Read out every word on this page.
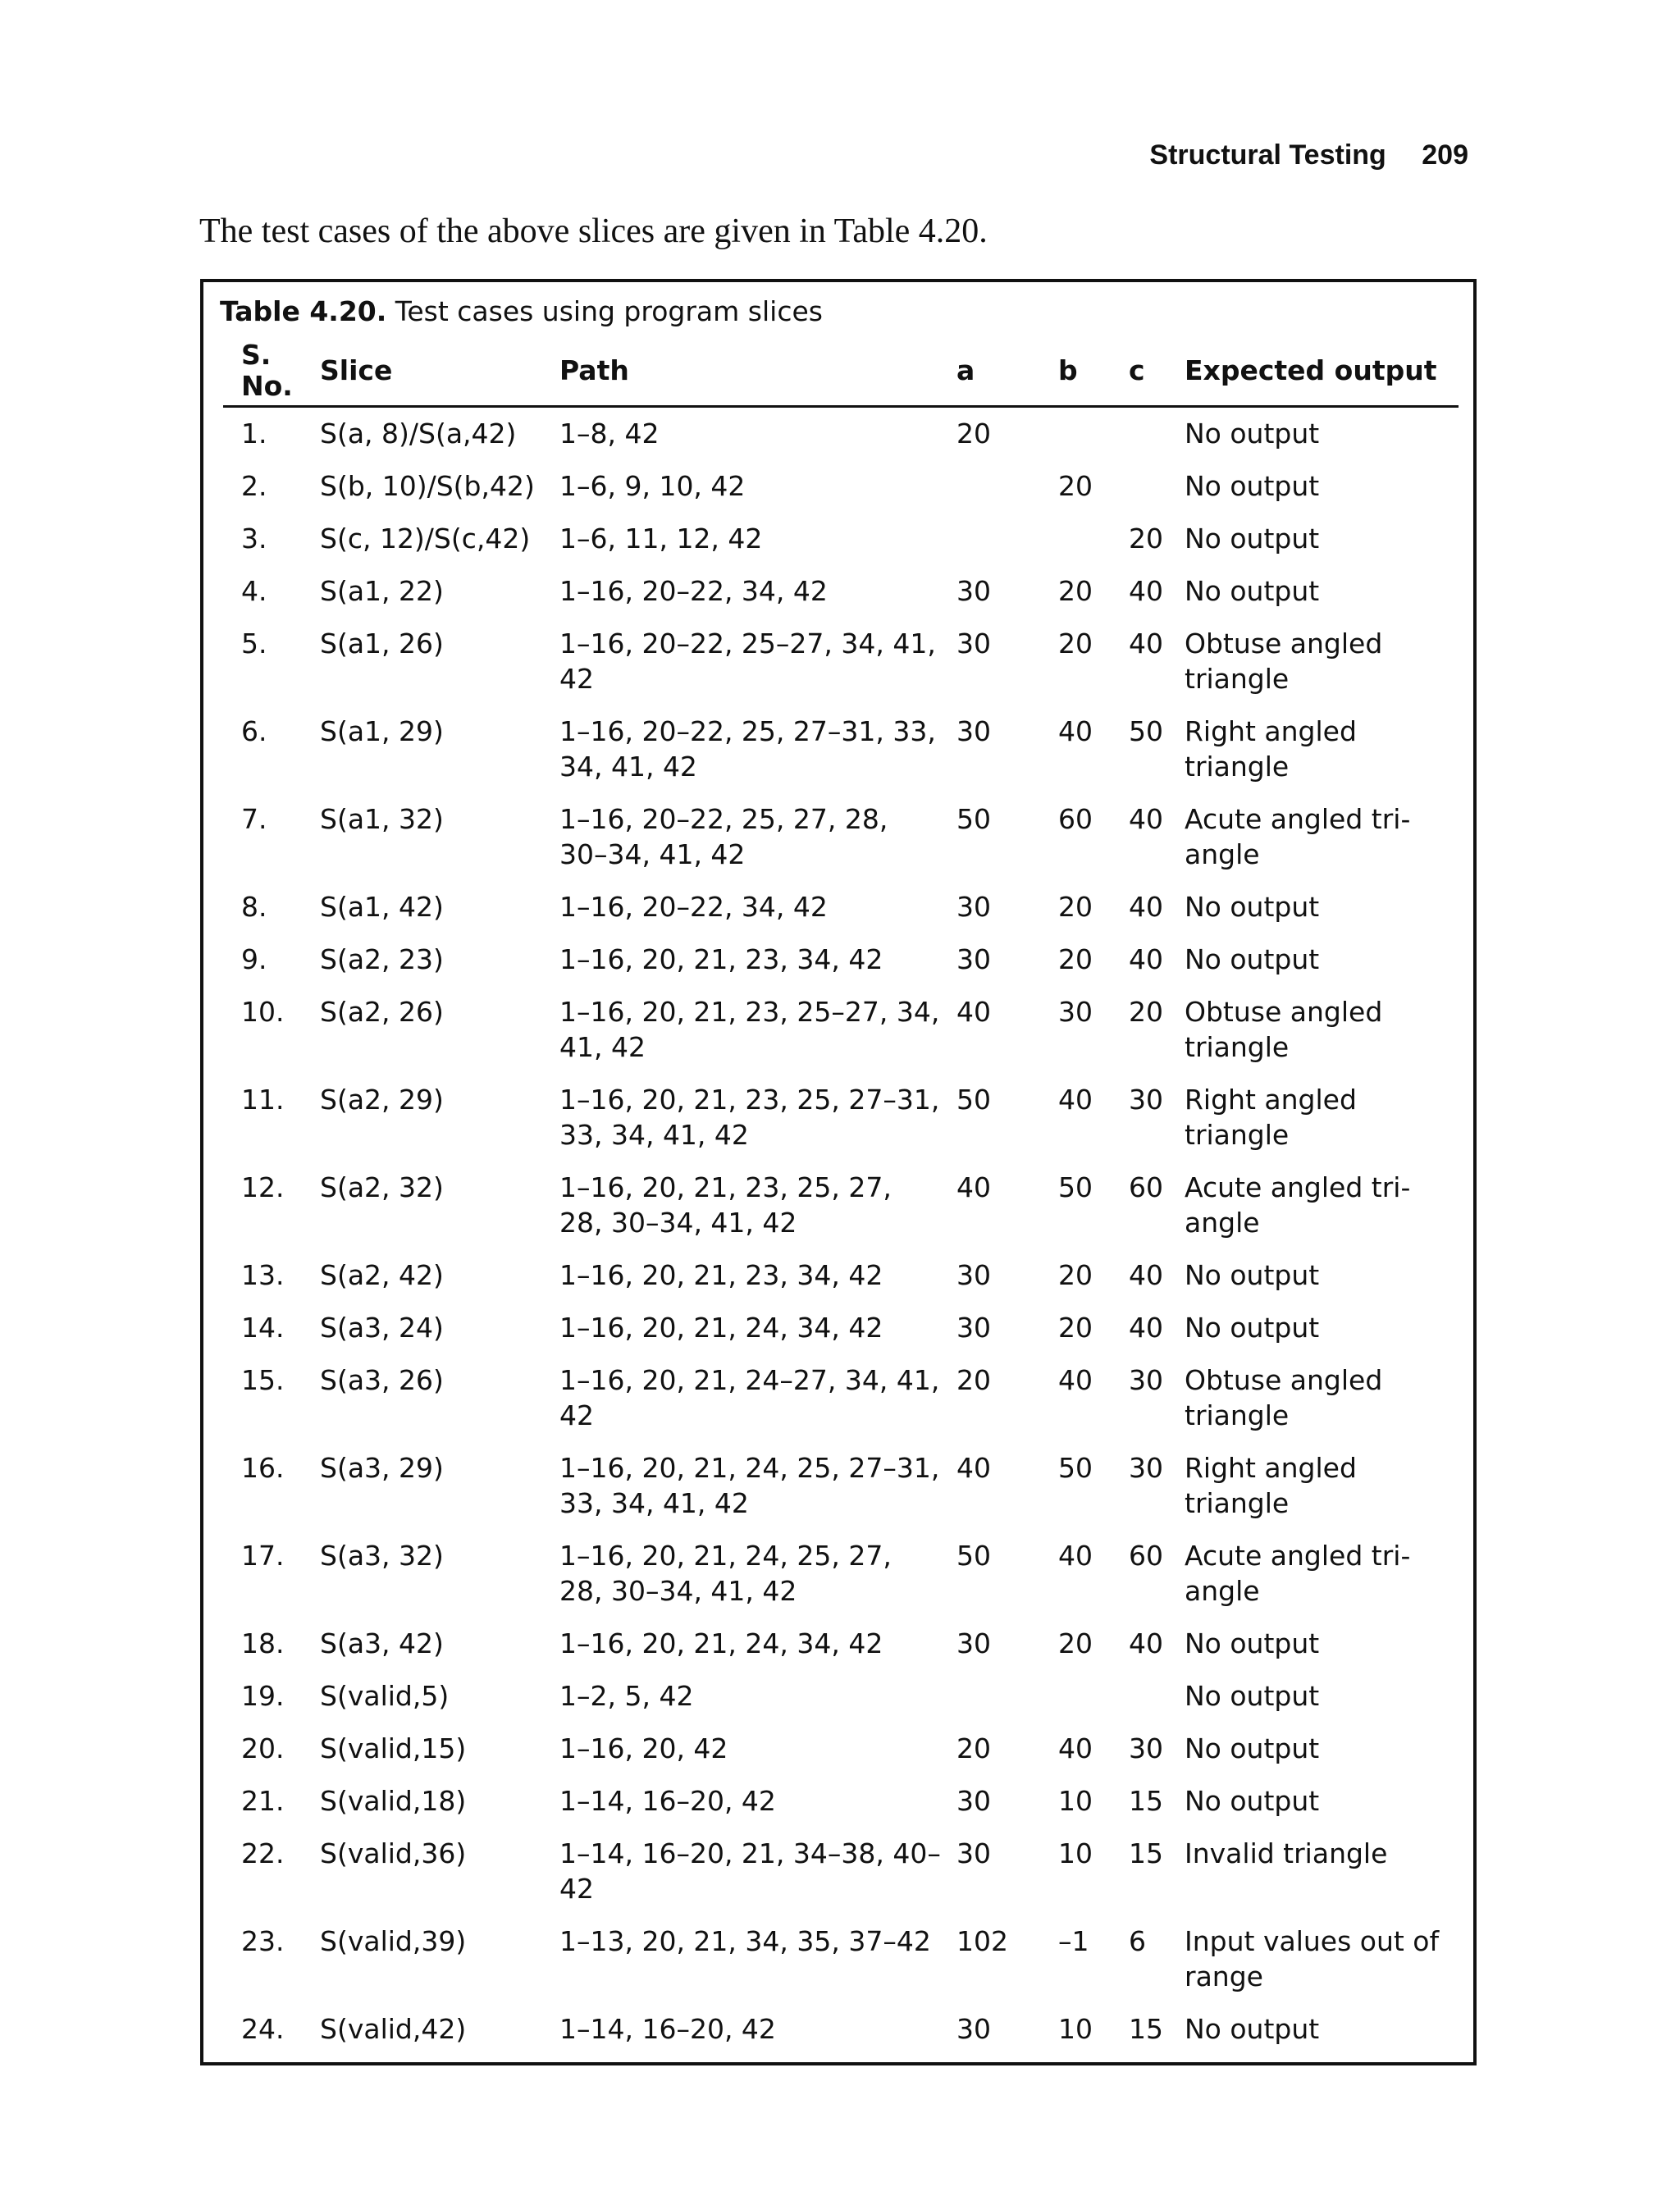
Structural Testing 209
The test cases of the above slices are given in Table 4.20.
Table 4.20. Test cases using program slices
S. No.	Slice	Path	a	b	c	Expected output
1.	S(a, 8)/S(a,42)	1–8, 42	20			No output
2.	S(b, 10)/S(b,42)	1–6, 9, 10, 42		20		No output
3.	S(c, 12)/S(c,42)	1–6, 11, 12, 42			20	No output
4.	S(a1, 22)	1–16, 20–22, 34, 42	30	20	40	No output
5.	S(a1, 26)	1–16, 20–22, 25–27, 34, 41, 42	30	20	40	Obtuse angled triangle
6.	S(a1, 29)	1–16, 20–22, 25, 27–31, 33, 34, 41, 42	30	40	50	Right angled triangle
7.	S(a1, 32)	1–16, 20–22, 25, 27, 28, 30–34, 41, 42	50	60	40	Acute angled tri-angle
8.	S(a1, 42)	1–16, 20–22, 34, 42	30	20	40	No output
9.	S(a2, 23)	1–16, 20, 21, 23, 34, 42	30	20	40	No output
10.	S(a2, 26)	1–16, 20, 21, 23, 25–27, 34, 41, 42	40	30	20	Obtuse angled triangle
11.	S(a2, 29)	1–16, 20, 21, 23, 25, 27–31, 33, 34, 41, 42	50	40	30	Right angled triangle
12.	S(a2, 32)	1–16, 20, 21, 23, 25, 27, 28, 30–34, 41, 42	40	50	60	Acute angled tri-angle
13.	S(a2, 42)	1–16, 20, 21, 23, 34, 42	30	20	40	No output
14.	S(a3, 24)	1–16, 20, 21, 24, 34, 42	30	20	40	No output
15.	S(a3, 26)	1–16, 20, 21, 24–27, 34, 41, 42	20	40	30	Obtuse angled triangle
16.	S(a3, 29)	1–16, 20, 21, 24, 25, 27–31, 33, 34, 41, 42	40	50	30	Right angled triangle
17.	S(a3, 32)	1–16, 20, 21, 24, 25, 27, 28, 30–34, 41, 42	50	40	60	Acute angled tri-angle
18.	S(a3, 42)	1–16, 20, 21, 24, 34, 42	30	20	40	No output
19.	S(valid,5)	1–2, 5, 42				No output
20.	S(valid,15)	1–16, 20, 42	20	40	30	No output
21.	S(valid,18)	1–14, 16–20, 42	30	10	15	No output
22.	S(valid,36)	1–14, 16–20, 21, 34–38, 40–42	30	10	15	Invalid triangle
23.	S(valid,39)	1–13, 20, 21, 34, 35, 37–42	102	–1	6	Input values out of range
24.	S(valid,42)	1–14, 16–20, 42	30	10	15	No output
